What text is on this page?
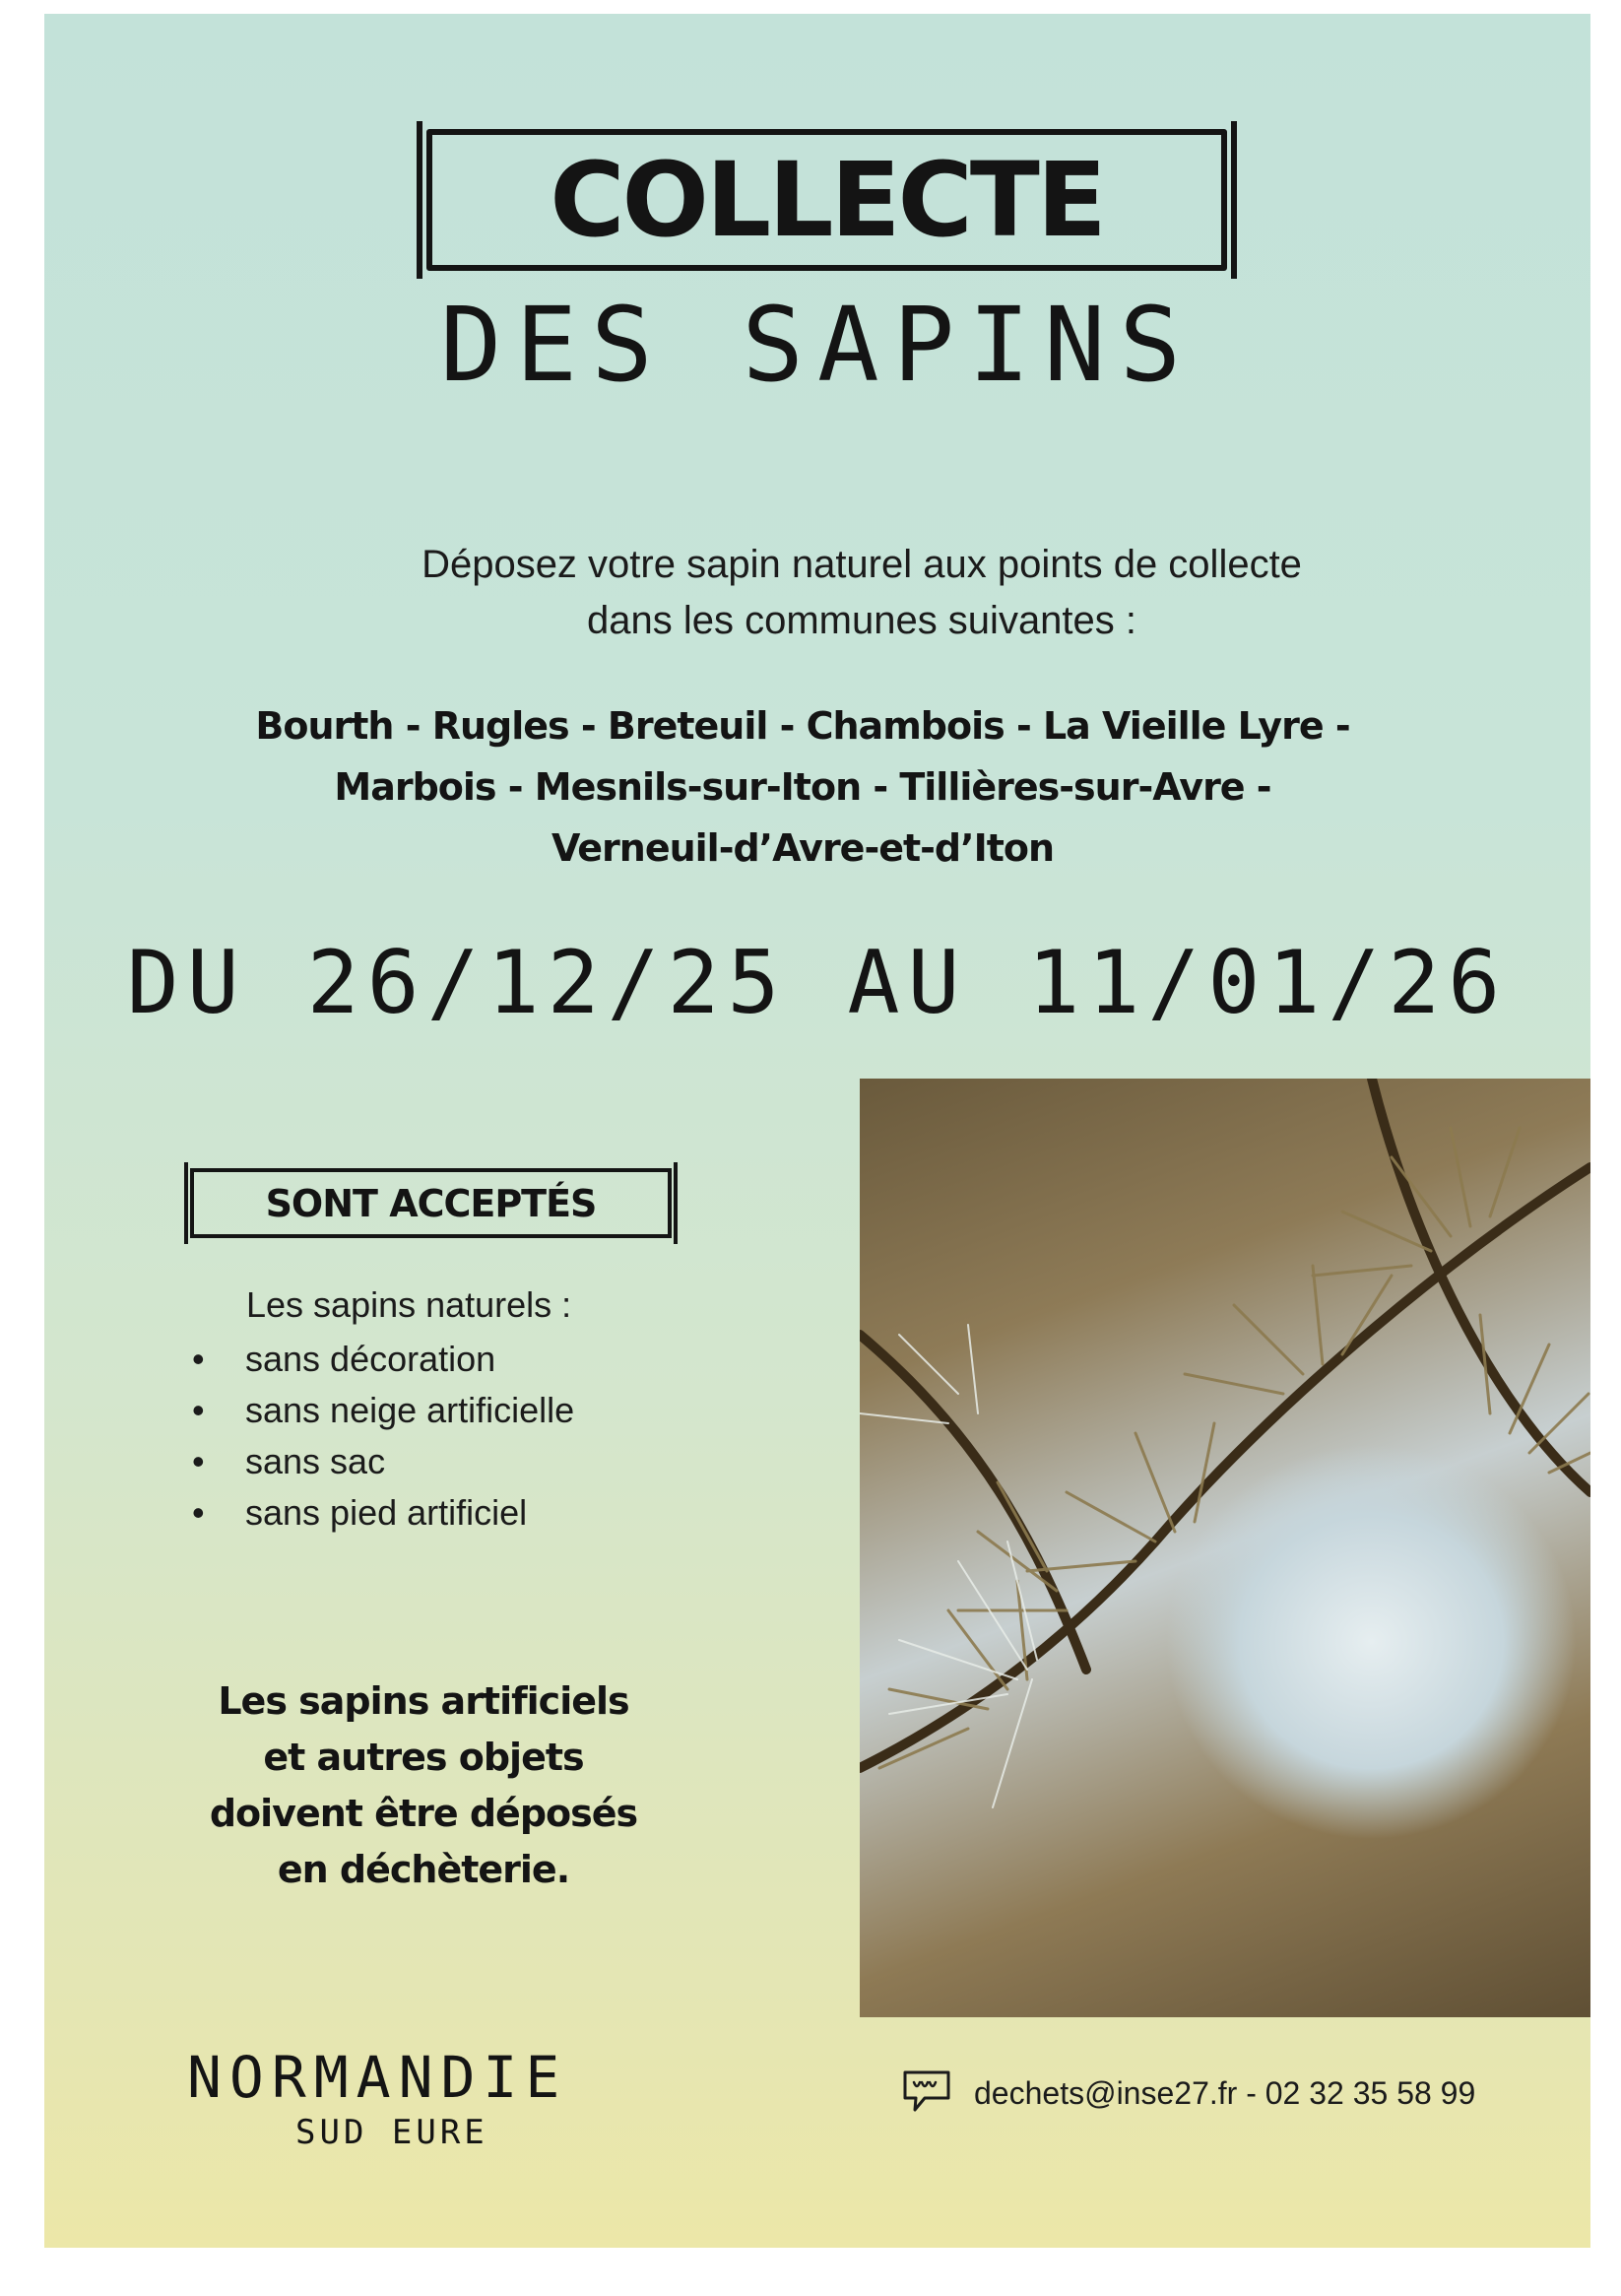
COLLECTE
DES SAPINS
Déposez votre sapin naturel aux points de collecte
dans les communes suivantes :
Bourth - Rugles - Breteuil - Chambois - La Vieille Lyre -
Marbois - Mesnils-sur-Iton - Tillières-sur-Avre -
Verneuil-d’Avre-et-d’Iton
DU 26/12/25 AU 11/01/26
SONT ACCEPTÉS
Les sapins naturels :
• sans décoration
• sans neige artificielle
• sans sac
• sans pied artificiel
Les sapins artificiels
et autres objets
doivent être déposés
en déchèterie.
NORMANDIE
SUD EURE
dechets@inse27.fr - 02 32 35 58 99
